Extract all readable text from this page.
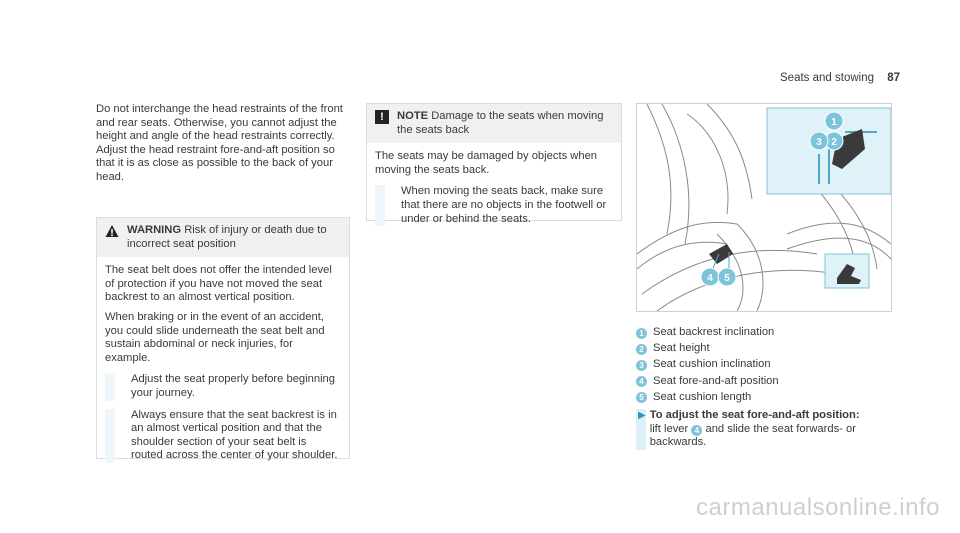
Seats and stowing 87

Do not interchange the head restraints of the front and rear seats. Otherwise, you cannot adjust the height and angle of the head restraints correctly.

Adjust the head restraint fore-and-aft position so that it is as close as possible to the back of your head.

WARNING Risk of injury or death due to incorrect seat position

The seat belt does not offer the intended level of protection if you have not moved the seat backrest to an almost vertical position.

When braking or in the event of an accident, you could slide underneath the seat belt and sustain abdominal or neck injuries, for example.

▶	Adjust the seat properly before beginning your journey.
▶	Always ensure that the seat backrest is in an almost vertical position and that the shoulder section of your seat belt is routed across the center of your shoulder.
!	NOTE Damage to the seats when moving the seats back

The seats may be damaged by objects when moving the seats back.

▶	When moving the seats back, make sure that there are no objects in the footwell or under or behind the seats.
1
2
3
4 5
1 Seat backrest inclination
2 Seat height
3 Seat cushion inclination
4 Seat fore-and-aft position
5 Seat cushion length
▶ To adjust the seat fore-and-aft position:
lift lever 4 and slide the seat forwards- or backwards.
carmanualsonline.info
